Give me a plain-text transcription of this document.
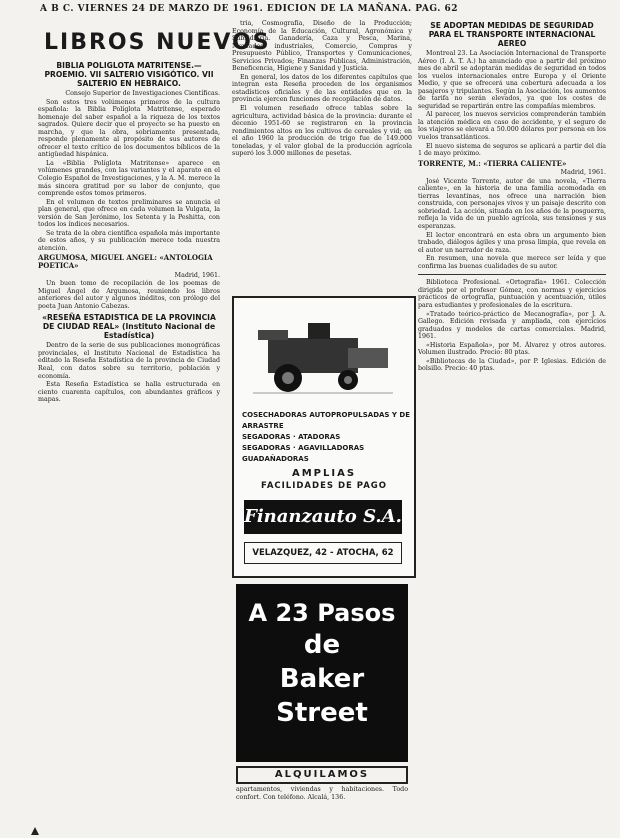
A B C. VIERNES 24 DE MARZO DE 1961. EDICION DE LA MAÑANA. PAG. 62
LIBROS NUEVOS
BIBLIA POLIGLOTA MATRITENSE.— PROEMIO. VII SALTERIO VISIGÓTICO. VII SALTERIO EN HEBRAICO.

Consejo Superior de Investigaciones Científicas.

Son estos tres volúmenes primeros de la cultura española: la Biblia Políglota Matritense, esperado homenaje del saber español a la riqueza de los textos sagrados. Quiere decir que el proyecto se ha puesto en marcha, y que la obra, sobriamente presentada, responde plenamente al propósito de sus autores de ofrecer el texto crítico de los documentos bíblicos de la antigüedad hispánica.

La «Biblia Políglota Matritense» aparece en volúmenes grandes, con las variantes y el aparato en el Colegio Español de Investigaciones, y la A. M. merece la más sincera gratitud por su labor de conjunto, que comprende estos tomos primeros.

En el volumen de textos preliminares se anuncia el plan general, que ofrece en cada volumen la Vulgata, la versión de San Jerónimo, los Setenta y la Peshitta, con todos los índices necesarios.

Se trata de la obra científica española más importante de estos años, y su publicación merece toda nuestra atención.

ARGUMOSA, MIGUEL ANGEL: «ANTOLOGIA POETICA»

Madrid, 1961.

Un buen tomo de recopilación de los poemas de Miguel Ángel de Argumosa, reuniendo los libros anteriores del autor y algunos inéditos, con prólogo del poeta Juan Antonio Cabezas.

«RESEÑA ESTADISTICA DE LA PROVINCIA DE CIUDAD REAL» (Instituto Nacional de Estadística)

Dentro de la serie de sus publicaciones monográficas provinciales, el Instituto Nacional de Estadística ha editado la Reseña Estadística de la provincia de Ciudad Real, con datos sobre su territorio, población y economía.

Esta Reseña Estadística se halla estructurada en ciento cuarenta capítulos, con abundantes gráficos y mapas.

tría, Cosmografía, Diseño de la Producción; Economía de la Educación, Cultural, Agronómica y Subsidiaria. Ganadería, Caza y Pesca, Marina, Mercados industriales, Comercio, Compras y Presupuesto Público, Transportes y Comunicaciones, Servicios Privados; Finanzas Públicas, Administración, Beneficencia, Higiene y Sanidad y Justicia.

En general, los datos de los diferentes capítulos que integran esta Reseña proceden de los organismos estadísticos oficiales y de las entidades que en la provincia ejercen funciones de recopilación de datos.

El volumen reseñado ofrece tablas sobre la agricultura, actividad básica de la provincia: durante el decenio 1951-60 se registraron en la provincia rendimientos altos en los cultivos de cereales y vid; en el año 1960 la producción de trigo fue de 149.000 toneladas, y el valor global de la producción agrícola superó los 3.000 millones de pesetas.

COSECHADORAS AUTOPROPULSADAS Y DE ARRASTRE
SEGADORAS · ATADORAS
SEGADORAS · AGAVILLADORAS
GUADAÑADORAS
AMPLIAS
FACILIDADES DE PAGO
Finanzauto S.A.
VELAZQUEZ, 42 - ATOCHA, 62
A 23 Pasos
de
Baker
Street
ALQUILAMOS
apartamentos, viviendas y habitaciones. Todo confort. Con teléfono. Alcalá, 136.
SE ADOPTAN MEDIDAS DE SEGURIDAD PARA EL TRANSPORTE INTERNACIONAL AEREO

Montreal 23. La Asociación Internacional de Transporte Aéreo (I. A. T. A.) ha anunciado que a partir del próximo mes de abril se adoptarán medidas de seguridad en todos los vuelos internacionales entre Europa y el Oriente Medio, y que se ofrecerá una cobertura adecuada a los pasajeros y tripulantes. Según la Asociación, los aumentos de tarifa no serán elevados, ya que los costes de seguridad se repartirán entre las compañías miembros.

Al parecer, los nuevos servicios comprenderán también la atención médica en caso de accidente, y el seguro de los viajeros se elevará a 50.000 dólares por persona en los vuelos transatlánticos.

El nuevo sistema de seguros se aplicará a partir del día 1 de mayo próximo.

TORRENTE, M.: «TIERRA CALIENTE»

Madrid, 1961.

José Vicente Torrente, autor de una novela, «Tierra caliente», en la historia de una familia acomodada en tierras levantinas, nos ofrece una narración bien construida, con personajes vivos y un paisaje descrito con sobriedad. La acción, situada en los años de la posguerra, refleja la vida de un pueblo agrícola, sus tensiones y sus esperanzas.

El lector encontrará en esta obra un argumento bien trabado, diálogos ágiles y una prosa limpia, que revela en el autor un narrador de raza.

En resumen, una novela que merece ser leída y que confirma las buenas cualidades de su autor.

Biblioteca Profesional. «Ortografía» 1961. Colección dirigida por el profesor Gómez, con normas y ejercicios prácticos de ortografía, puntuación y acentuación, útiles para estudiantes y profesionales de la escritura.

«Tratado teórico-práctico de Mecanografía», por J. A. Gallego. Edición revisada y ampliada, con ejercicios graduados y modelos de cartas comerciales. Madrid, 1961.

«Historia Española», por M. Álvarez y otros autores. Volumen ilustrado. Precio: 80 ptas.

«Bibliotecas de la Ciudad», por P. Iglesias. Edición de bolsillo. Precio: 40 ptas.
